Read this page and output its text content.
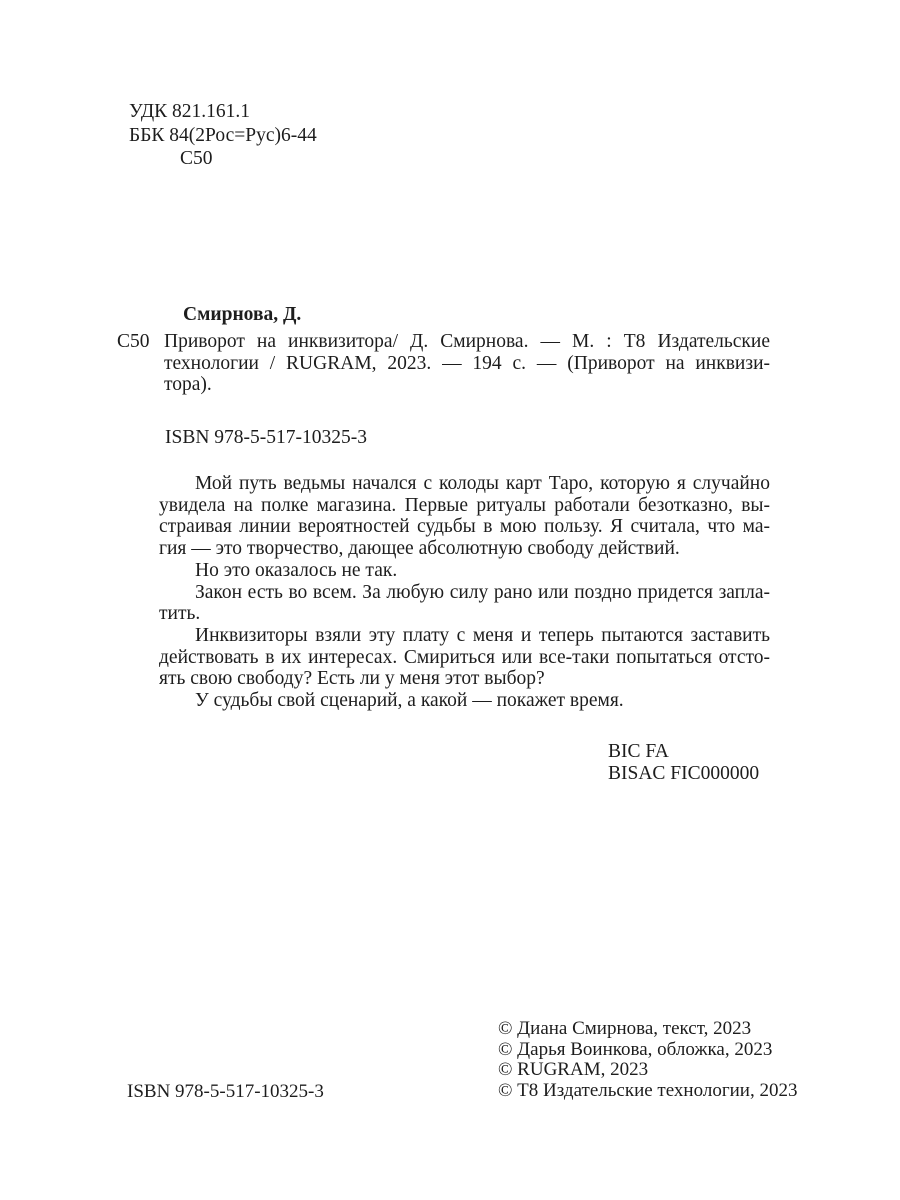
УДК 821.161.1
ББК 84(2Рос=Рус)6-44
С50
Смирнова, Д.
С50 Приворот на инквизитора/ Д. Смирнова. — М. : Т8 Издательские
технологии / RUGRAM, 2023. — 194 с. — (Приворот на инквизи-
тора).
ISBN 978-5-517-10325-3
Мой путь ведьмы начался с колоды карт Таро, которую я случайно
увидела на полке магазина. Первые ритуалы работали безотказно, вы-
страивая линии вероятностей судьбы в мою пользу. Я считала, что ма-
гия — это творчество, дающее абсолютную свободу действий.
Но это оказалось не так.
Закон есть во всем. За любую силу рано или поздно придется запла-
тить.
Инквизиторы взяли эту плату с меня и теперь пытаются заставить
действовать в их интересах. Смириться или все-таки попытаться отсто-
ять свою свободу? Есть ли у меня этот выбор?
У судьбы свой сценарий, а какой — покажет время.
BIC FA
BISAC FIC000000
© Диана Смирнова, текст, 2023
© Дарья Воинкова, обложка, 2023
© RUGRAM, 2023
© Т8 Издательские технологии, 2023
ISBN 978-5-517-10325-3
